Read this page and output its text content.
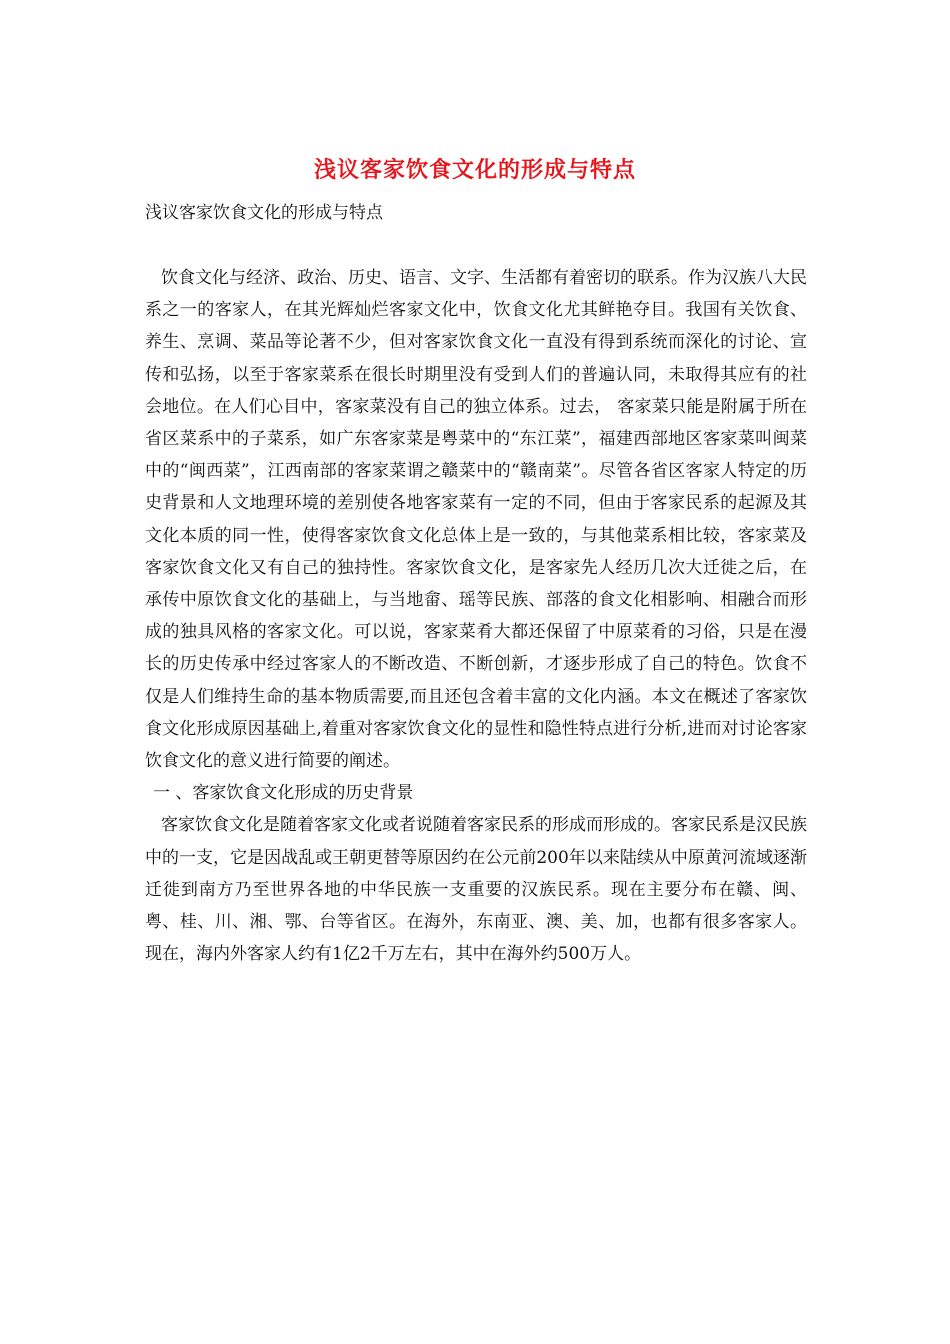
浅议客家饮食文化的形成与特点
浅议客家饮食文化的形成与特点

饮食文化与经济、政治、历史、语言、文字、生活都有着密切的联系。作为汉族八大民系之一的客家人，在其光辉灿烂客家文化中，饮食文化尤其鲜艳夺目。我国有关饮食、养生、烹调、菜品等论著不少，但对客家饮食文化一直没有得到系统而深化的讨论、宣传和弘扬，以至于客家菜系在很长时期里没有受到人们的普遍认同，未取得其应有的社会地位。在人们心目中，客家菜没有自己的独立体系。过去， 客家菜只能是附属于所在省区菜系中的子菜系，如广东客家菜是粤菜中的“东江菜”，福建西部地区客家菜叫闽菜中的“闽西菜”，江西南部的客家菜谓之赣菜中的“赣南菜”。尽管各省区客家人特定的历史背景和人文地理环境的差别使各地客家菜有一定的不同，但由于客家民系的起源及其文化本质的同一性，使得客家饮食文化总体上是一致的，与其他菜系相比较，客家菜及客家饮食文化又有自己的独持性。客家饮食文化，是客家先人经历几次大迁徙之后，在承传中原饮食文化的基础上，与当地畲、瑶等民族、部落的食文化相影响、相融合而形成的独具风格的客家文化。可以说，客家菜肴大都还保留了中原菜肴的习俗，只是在漫长的历史传承中经过客家人的不断改造、不断创新，才逐步形成了自己的特色。饮食不仅是人们维持生命的基本物质需要,而且还包含着丰富的文化内涵。本文在概述了客家饮食文化形成原因基础上,着重对客家饮食文化的显性和隐性特点进行分析,进而对讨论客家饮食文化的意义进行简要的阐述。

一 、客家饮食文化形成的历史背景

客家饮食文化是随着客家文化或者说随着客家民系的形成而形成的。客家民系是汉民族中的一支，它是因战乱或王朝更替等原因约在公元前200年以来陆续从中原黄河流域逐渐迁徙到南方乃至世界各地的中华民族一支重要的汉族民系。现在主要分布在赣、闽、粤、桂、川、湘、鄂、台等省区。在海外，东南亚、澳、美、加，也都有很多客家人。现在，海内外客家人约有1亿2千万左右，其中在海外约500万人。
